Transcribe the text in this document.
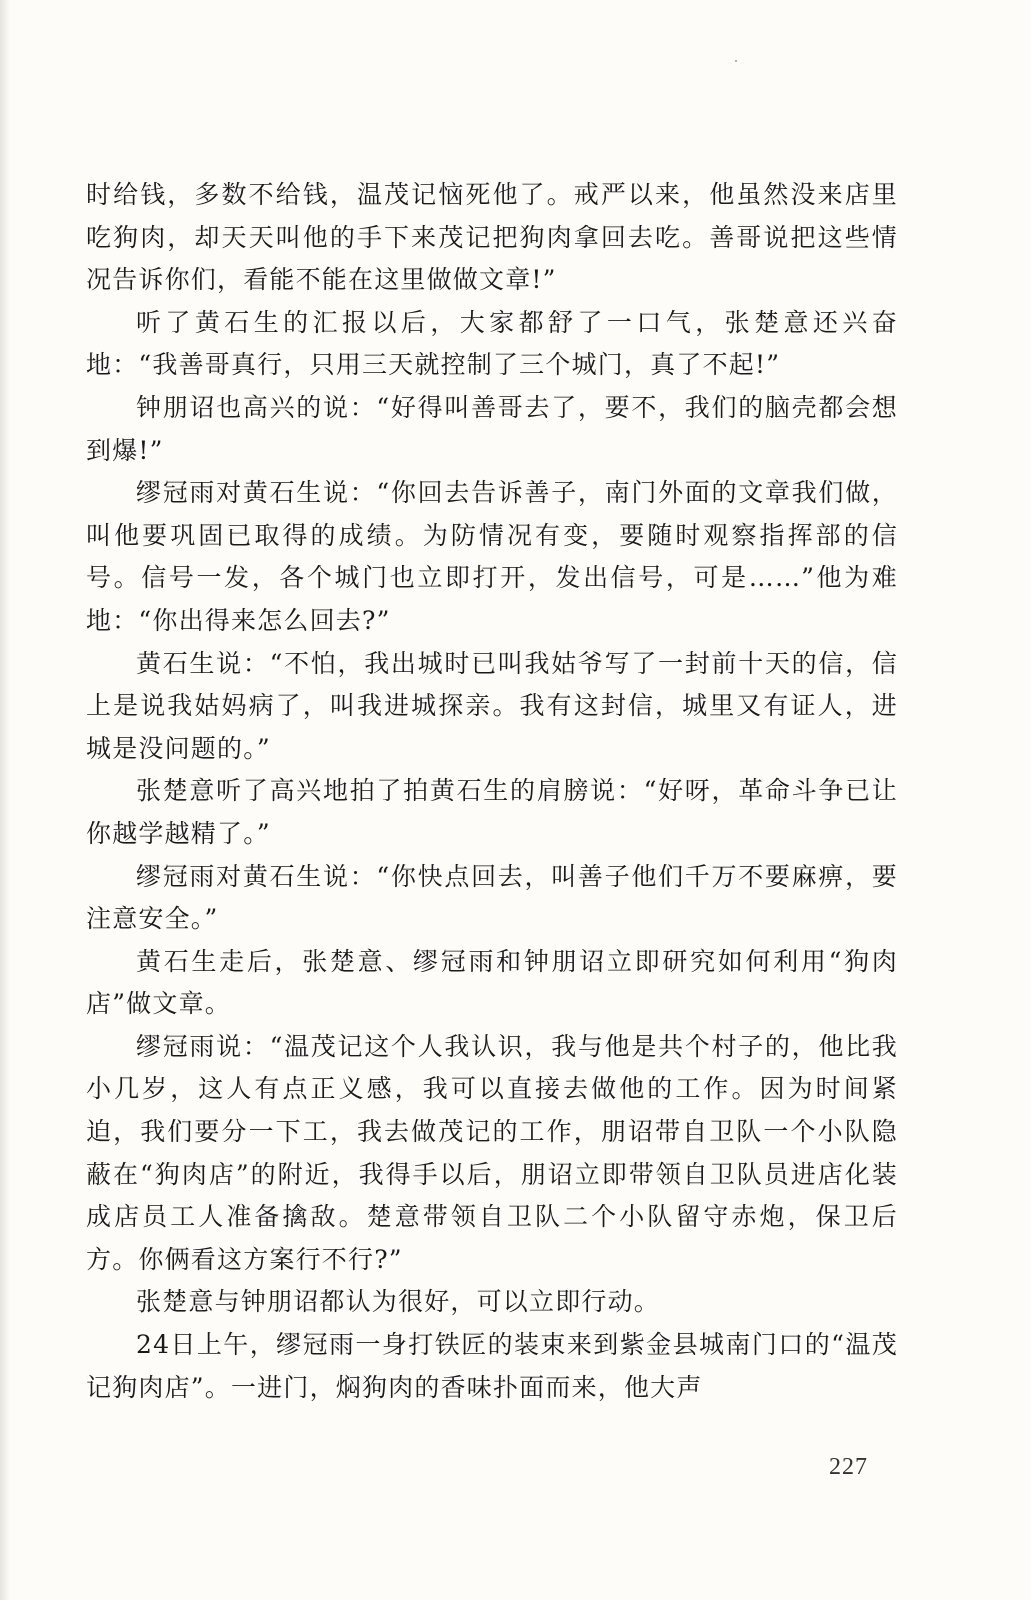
时给钱，多数不给钱，温茂记恼死他了。戒严以来，他虽然没来店里吃狗肉，却天天叫他的手下来茂记把狗肉拿回去吃。善哥说把这些情况告诉你们，看能不能在这里做做文章!”

听了黄石生的汇报以后，大家都舒了一口气，张楚意还兴奋地：“我善哥真行，只用三天就控制了三个城门，真了不起!”

钟朋诏也高兴的说：“好得叫善哥去了，要不，我们的脑壳都会想到爆!”

缪冠雨对黄石生说：“你回去告诉善子，南门外面的文章我们做，叫他要巩固已取得的成绩。为防情况有变，要随时观察指挥部的信号。信号一发，各个城门也立即打开，发出信号，可是……”他为难地：“你出得来怎么回去?”

黄石生说：“不怕，我出城时已叫我姑爷写了一封前十天的信，信上是说我姑妈病了，叫我进城探亲。我有这封信，城里又有证人，进城是没问题的。”

张楚意听了高兴地拍了拍黄石生的肩膀说：“好呀，革命斗争已让你越学越精了。”

缪冠雨对黄石生说：“你快点回去，叫善子他们千万不要麻痹，要注意安全。”

黄石生走后，张楚意、缪冠雨和钟朋诏立即研究如何利用“狗肉店”做文章。

缪冠雨说：“温茂记这个人我认识，我与他是共个村子的，他比我小几岁，这人有点正义感，我可以直接去做他的工作。因为时间紧迫，我们要分一下工，我去做茂记的工作，朋诏带自卫队一个小队隐蔽在“狗肉店”的附近，我得手以后，朋诏立即带领自卫队员进店化装成店员工人准备擒敌。楚意带领自卫队二个小队留守赤炮，保卫后方。你俩看这方案行不行?”

张楚意与钟朋诏都认为很好，可以立即行动。

24日上午，缪冠雨一身打铁匠的装束来到紫金县城南门口的“温茂记狗肉店”。一进门，焖狗肉的香味扑面而来，他大声

227
